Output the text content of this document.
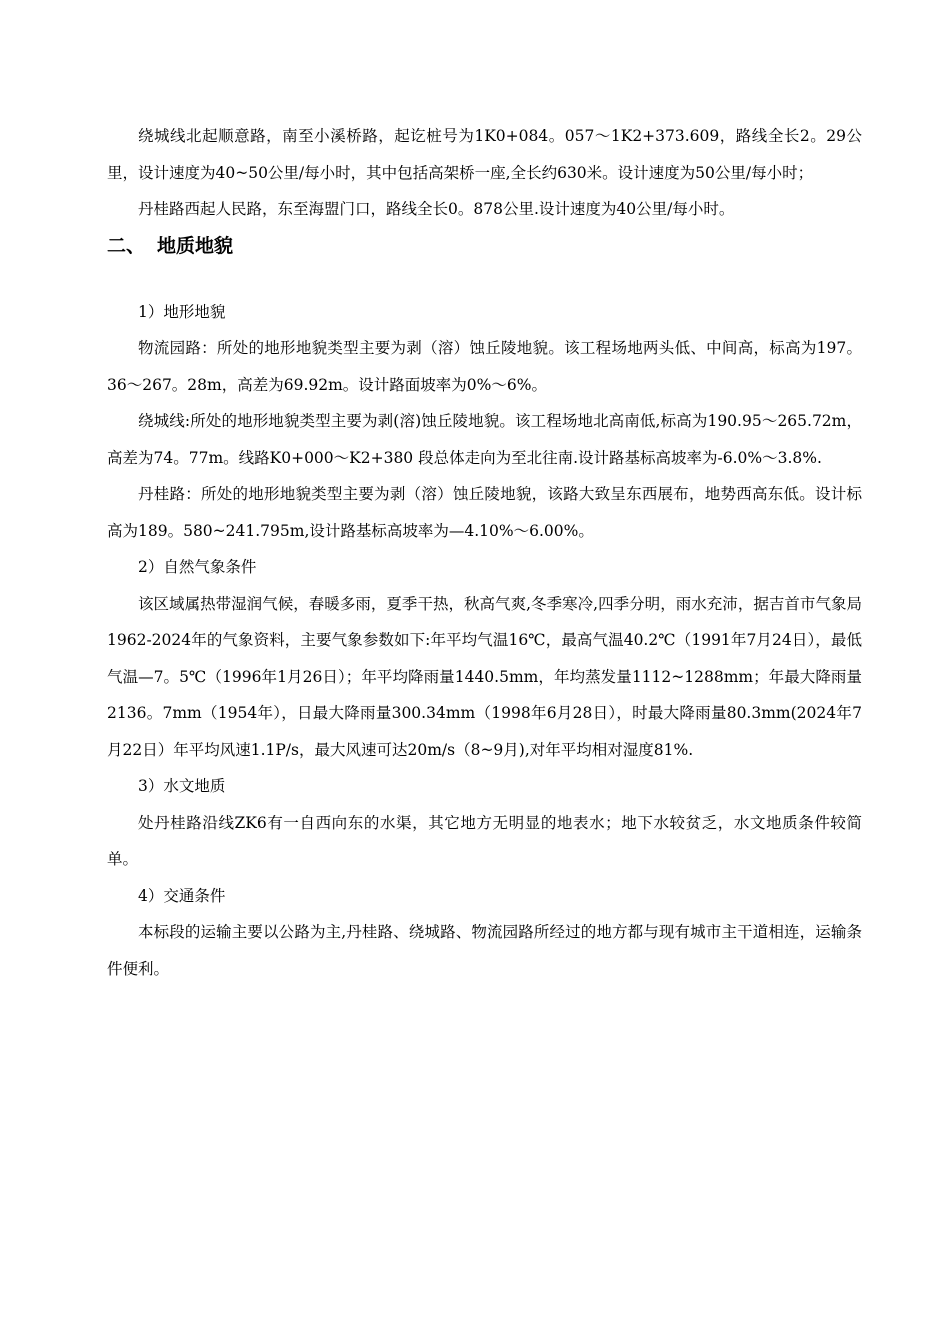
绕城线北起顺意路，南至小溪桥路，起讫桩号为1K0+084。057～1K2+373.609，路线全长2。29公里，设计速度为40~50公里/每小时，其中包括高架桥一座,全长约630米。设计速度为50公里/每小时；

丹桂路西起人民路，东至海盟门口，路线全长0。878公里.设计速度为40公里/每小时。

二、 地质地貌

1）地形地貌

物流园路：所处的地形地貌类型主要为剥（溶）蚀丘陵地貌。该工程场地两头低、中间高，标高为197。36～267。28m，高差为69.92m。设计路面坡率为0%～6%。

绕城线:所处的地形地貌类型主要为剥(溶)蚀丘陵地貌。该工程场地北高南低,标高为190.95～265.72m，高差为74。77m。线路K0+000～K2+380 段总体走向为至北往南.设计路基标高坡率为-6.0%～3.8%.

丹桂路：所处的地形地貌类型主要为剥（溶）蚀丘陵地貌，该路大致呈东西展布，地势西高东低。设计标高为189。580~241.795m,设计路基标高坡率为—4.10%～6.00%。

2）自然气象条件

该区域属热带湿润气候，春暖多雨，夏季干热，秋高气爽,冬季寒冷,四季分明，雨水充沛，据吉首市气象局1962-2024年的气象资料，主要气象参数如下:年平均气温16℃，最高气温40.2℃（1991年7月24日），最低气温—7。5℃（1996年1月26日）；年平均降雨量1440.5mm，年均蒸发量1112~1288mm；年最大降雨量2136。7mm（1954年），日最大降雨量300.34mm（1998年6月28日），时最大降雨量80.3mm(2024年7月22日）年平均风速1.1P/s，最大风速可达20m/s（8~9月),对年平均相对湿度81%.

3）水文地质

处丹桂路沿线ZK6有一自西向东的水渠，其它地方无明显的地表水；地下水较贫乏，水文地质条件较简单。

4）交通条件

本标段的运输主要以公路为主,丹桂路、绕城路、物流园路所经过的地方都与现有城市主干道相连，运输条件便利。
